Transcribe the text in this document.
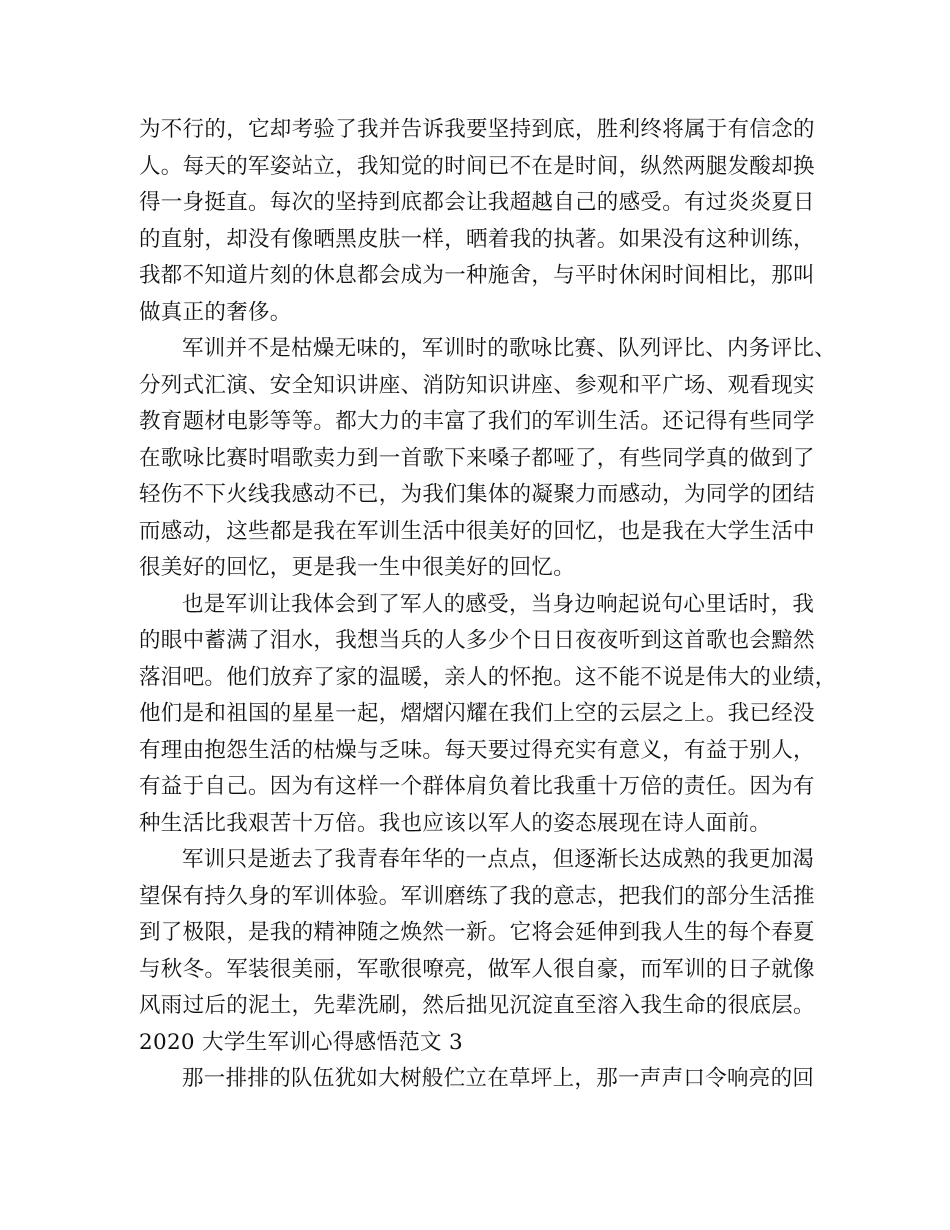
为不行的，它却考验了我并告诉我要坚持到底，胜利终将属于有信念的
人。每天的军姿站立，我知觉的时间已不在是时间，纵然两腿发酸却换
得一身挺直。每次的坚持到底都会让我超越自己的感受。有过炎炎夏日
的直射，却没有像晒黑皮肤一样，晒着我的执著。如果没有这种训练，
我都不知道片刻的休息都会成为一种施舍，与平时休闲时间相比，那叫
做真正的奢侈。
军训并不是枯燥无味的，军训时的歌咏比赛、队列评比、内务评比、
分列式汇演、安全知识讲座、消防知识讲座、参观和平广场、观看现实
教育题材电影等等。都大力的丰富了我们的军训生活。还记得有些同学
在歌咏比赛时唱歌卖力到一首歌下来嗓子都哑了，有些同学真的做到了
轻伤不下火线我感动不已，为我们集体的凝聚力而感动，为同学的团结
而感动，这些都是我在军训生活中很美好的回忆，也是我在大学生活中
很美好的回忆，更是我一生中很美好的回忆。
也是军训让我体会到了军人的感受，当身边响起说句心里话时，我
的眼中蓄满了泪水，我想当兵的人多少个日日夜夜听到这首歌也会黯然
落泪吧。他们放弃了家的温暖，亲人的怀抱。这不能不说是伟大的业绩，
他们是和祖国的星星一起，熠熠闪耀在我们上空的云层之上。我已经没
有理由抱怨生活的枯燥与乏味。每天要过得充实有意义，有益于别人，
有益于自己。因为有这样一个群体肩负着比我重十万倍的责任。因为有
种生活比我艰苦十万倍。我也应该以军人的姿态展现在诗人面前。
军训只是逝去了我青春年华的一点点，但逐渐长达成熟的我更加渴
望保有持久身的军训体验。军训磨练了我的意志，把我们的部分生活推
到了极限，是我的精神随之焕然一新。它将会延伸到我人生的每个春夏
与秋冬。军装很美丽，军歌很嘹亮，做军人很自豪，而军训的日子就像
风雨过后的泥土，先辈洗刷，然后拙见沉淀直至溶入我生命的很底层。
2020 大学生军训心得感悟范文 3
那一排排的队伍犹如大树般伫立在草坪上，那一声声口令响亮的回
